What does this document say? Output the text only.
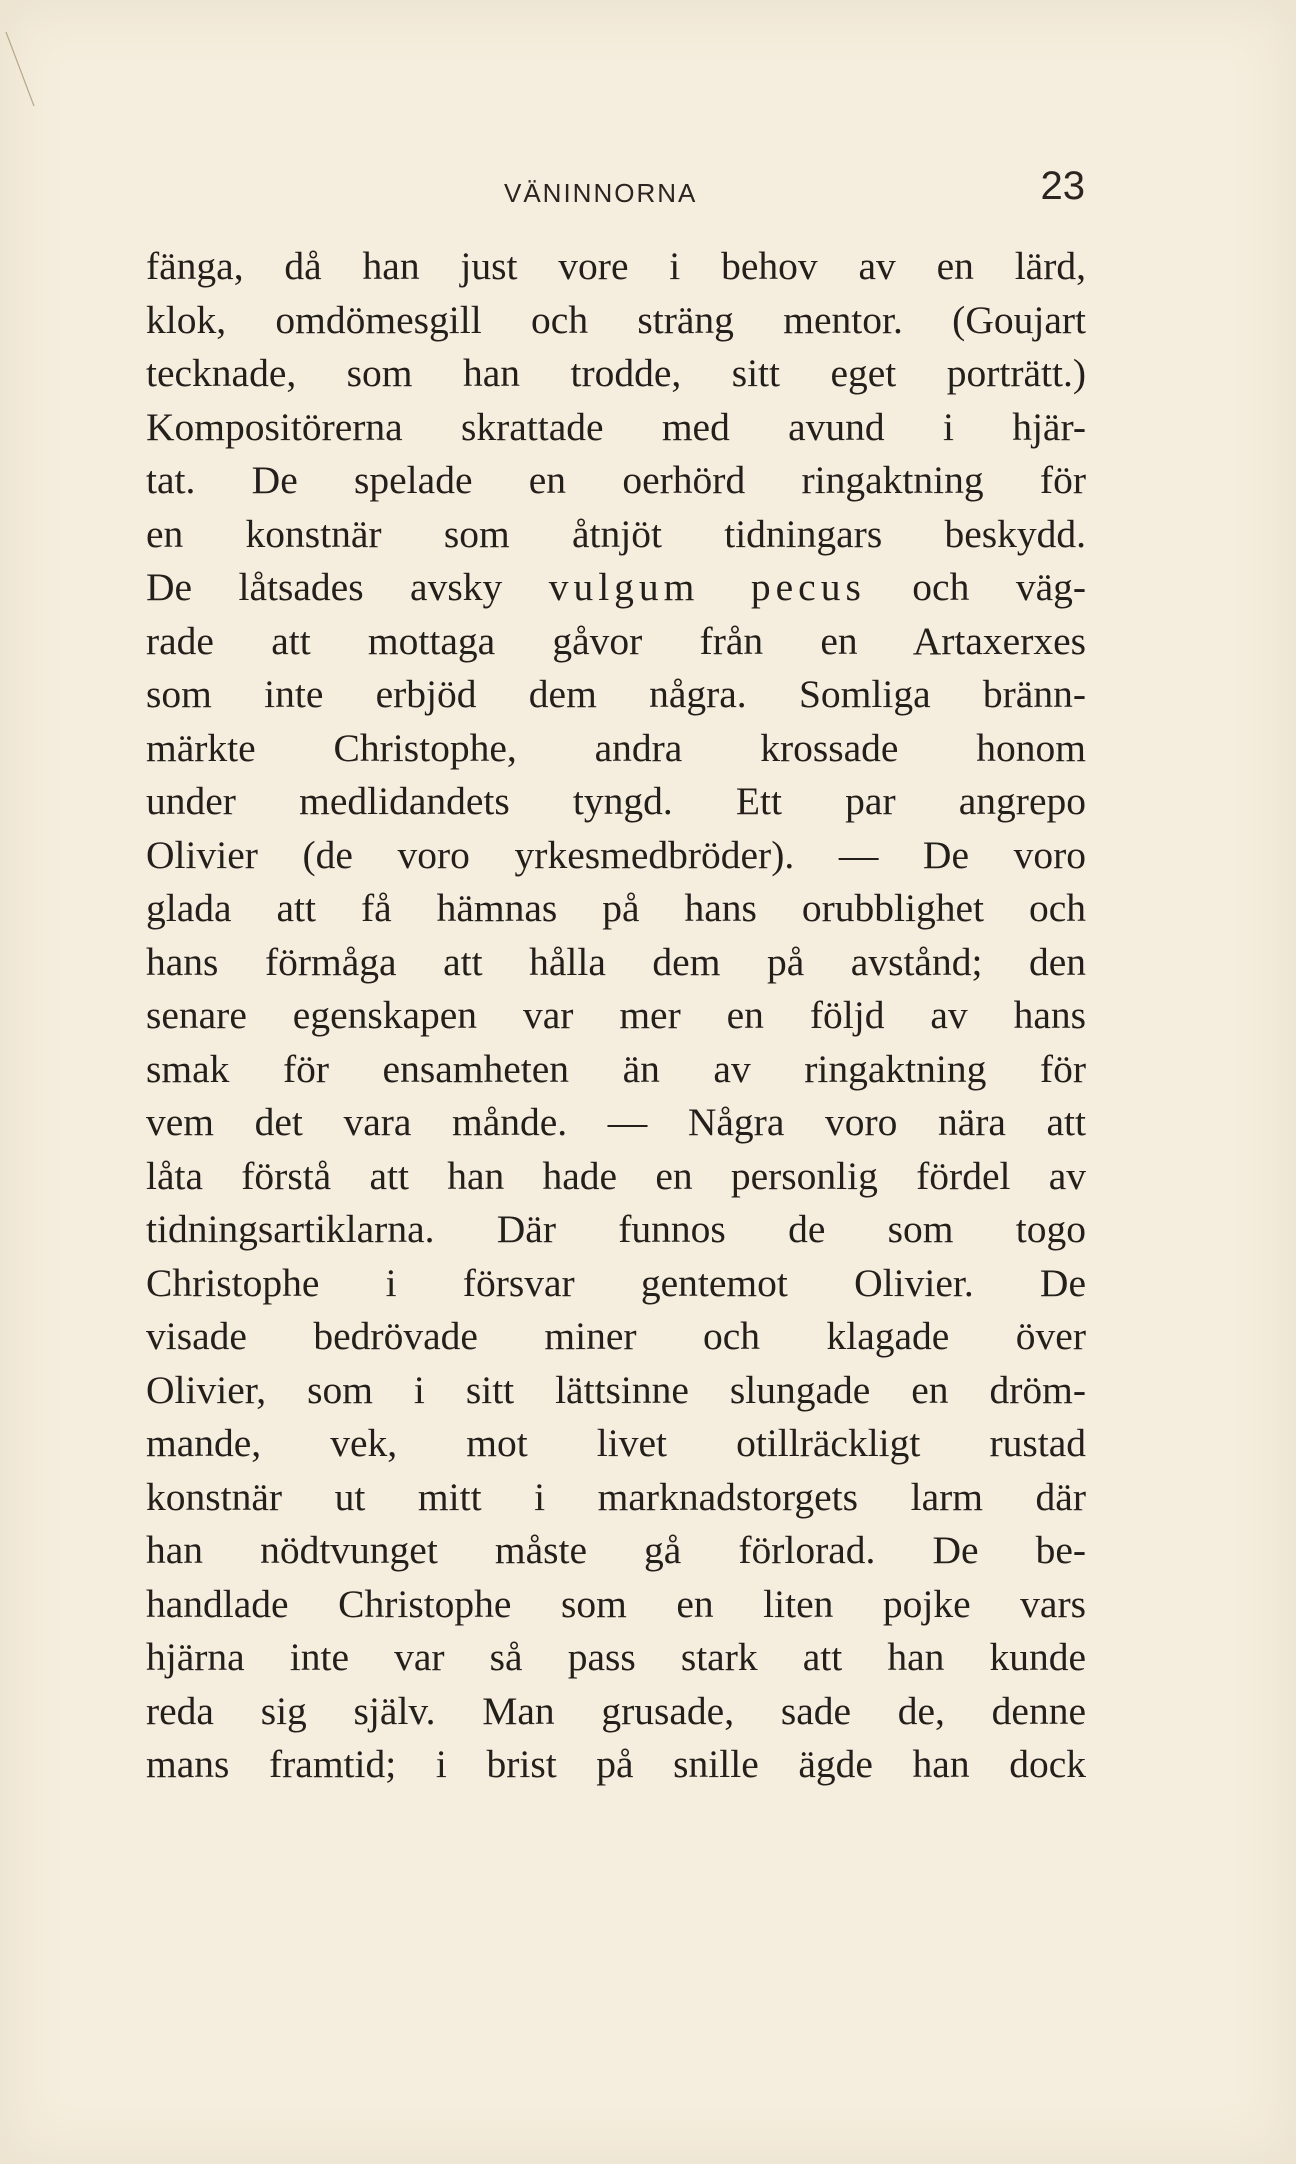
VÄNINNORNA	23
fänga, då han just vore i behov av en lärd,
klok, omdömesgill och sträng mentor. (Goujart
tecknade, som han trodde, sitt eget porträtt.)
Kompositörerna skrattade med avund i hjär-
tat. De spelade en oerhörd ringaktning för
en konstnär som åtnjöt tidningars beskydd.
De låtsades avsky vulgum pecus och väg-
rade att mottaga gåvor från en Artaxerxes
som inte erbjöd dem några. Somliga bränn-
märkte Christophe, andra krossade honom
under medlidandets tyngd. Ett par angrepo
Olivier (de voro yrkesmedbröder). — De voro
glada att få hämnas på hans orubblighet och
hans förmåga att hålla dem på avstånd; den
senare egenskapen var mer en följd av hans
smak för ensamheten än av ringaktning för
vem det vara månde. — Några voro nära att
låta förstå att han hade en personlig fördel av
tidningsartiklarna. Där funnos de som togo
Christophe i försvar gentemot Olivier. De
visade bedrövade miner och klagade över
Olivier, som i sitt lättsinne slungade en dröm-
mande, vek, mot livet otillräckligt rustad
konstnär ut mitt i marknadstorgets larm där
han nödtvunget måste gå förlorad. De be-
handlade Christophe som en liten pojke vars
hjärna inte var så pass stark att han kunde
reda sig själv. Man grusade, sade de, denne
mans framtid; i brist på snille ägde han dock
